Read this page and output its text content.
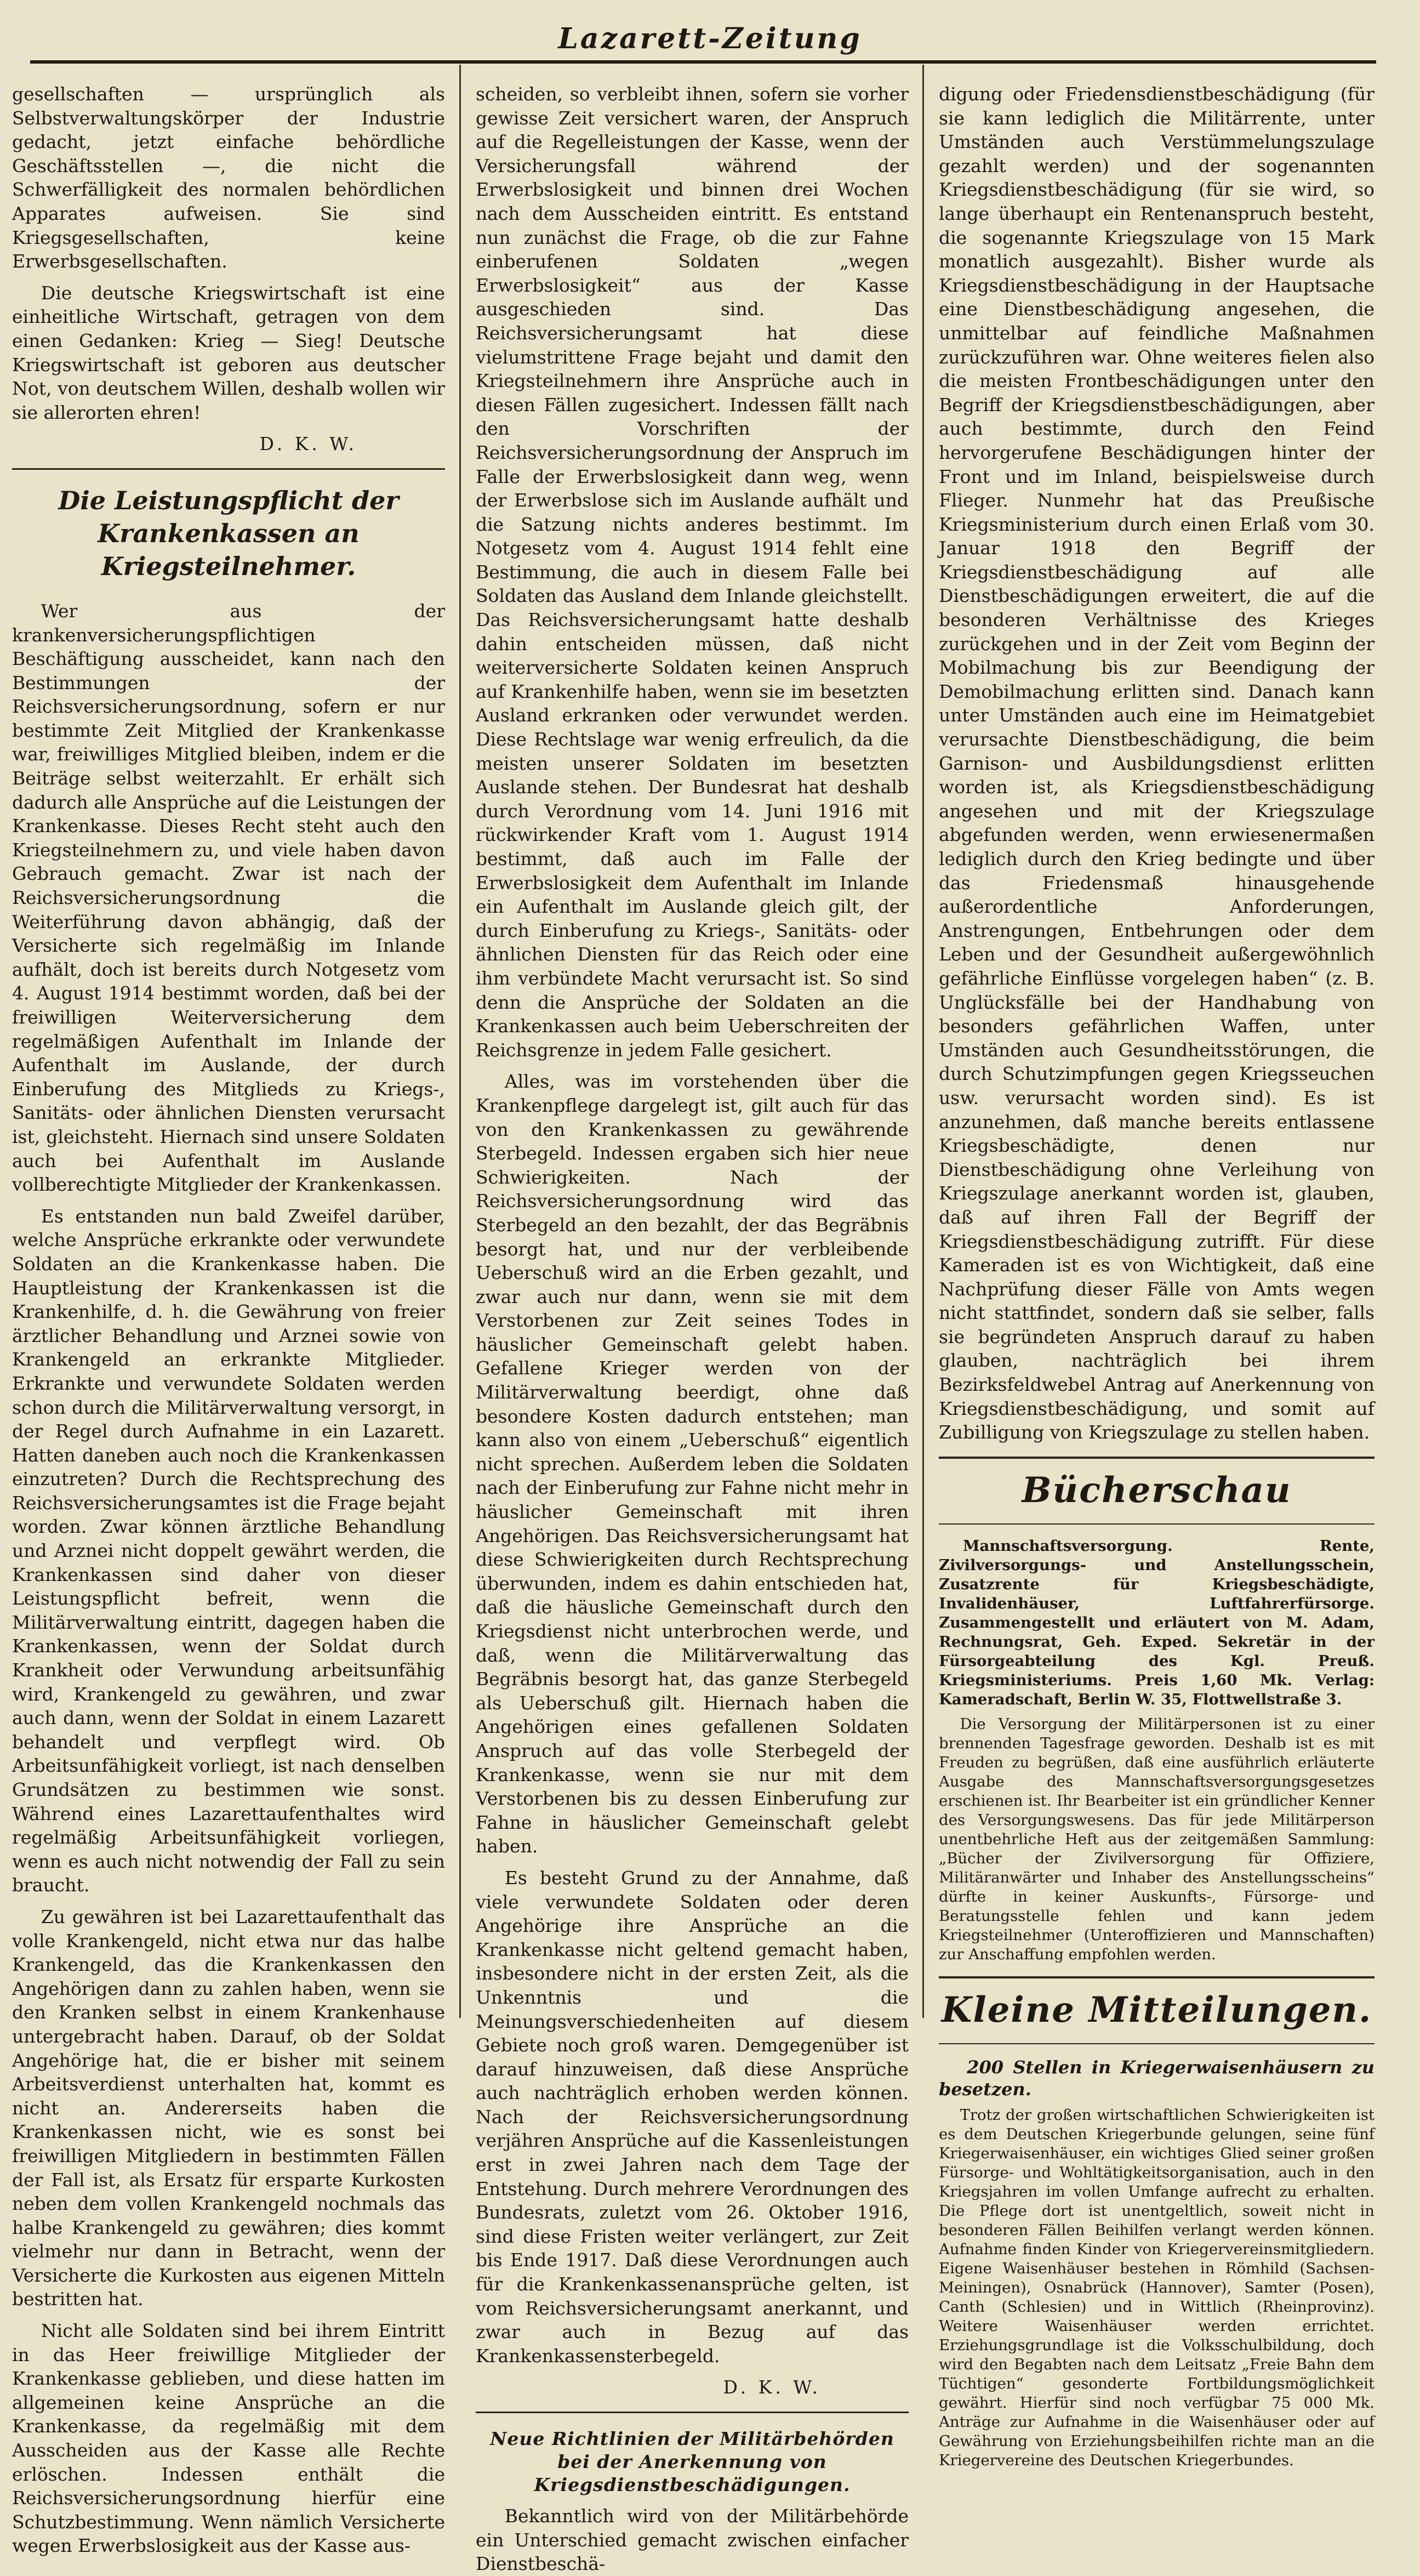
Lazarett-Zeitung

gesellschaften — ursprünglich als Selbstverwaltungskörper der Industrie gedacht, jetzt einfache behördliche Geschäftsstellen —, die nicht die Schwerfälligkeit des normalen behördlichen Apparates aufweisen. Sie sind Kriegsgesellschaften, keine Erwerbsgesellschaften.

Die deutsche Kriegswirtschaft ist eine einheitliche Wirtschaft, getragen von dem einen Gedanken: Krieg — Sieg! Deutsche Kriegswirtschaft ist geboren aus deutscher Not, von deutschem Willen, deshalb wollen wir sie allerorten ehren!

D. K. W.

Die Leistungspflicht der Krankenkassen an Kriegsteilnehmer.

Wer aus der krankenversicherungspflichtigen Beschäftigung ausscheidet, kann nach den Bestimmungen der Reichsversicherungsordnung, sofern er nur bestimmte Zeit Mitglied der Krankenkasse war, freiwilliges Mitglied bleiben, indem er die Beiträge selbst weiterzahlt. Er erhält sich dadurch alle Ansprüche auf die Leistungen der Krankenkasse. Dieses Recht steht auch den Kriegsteilnehmern zu, und viele haben davon Gebrauch gemacht. Zwar ist nach der Reichsversicherungsordnung die Weiterführung davon abhängig, daß der Versicherte sich regelmäßig im Inlande aufhält, doch ist bereits durch Notgesetz vom 4. August 1914 bestimmt worden, daß bei der freiwilligen Weiterversicherung dem regelmäßigen Aufenthalt im Inlande der Aufenthalt im Auslande, der durch Einberufung des Mitglieds zu Kriegs-, Sanitäts- oder ähnlichen Diensten verursacht ist, gleichsteht. Hiernach sind unsere Soldaten auch bei Aufenthalt im Auslande vollberechtigte Mitglieder der Krankenkassen.

Es entstanden nun bald Zweifel darüber, welche Ansprüche erkrankte oder verwundete Soldaten an die Krankenkasse haben. Die Hauptleistung der Krankenkassen ist die Krankenhilfe, d. h. die Gewährung von freier ärztlicher Behandlung und Arznei sowie von Krankengeld an erkrankte Mitglieder. Erkrankte und verwundete Soldaten werden schon durch die Militärverwaltung versorgt, in der Regel durch Aufnahme in ein Lazarett. Hatten daneben auch noch die Krankenkassen einzutreten? Durch die Rechtsprechung des Reichsversicherungsamtes ist die Frage bejaht worden. Zwar können ärztliche Behandlung und Arznei nicht doppelt gewährt werden, die Krankenkassen sind daher von dieser Leistungspflicht befreit, wenn die Militärverwaltung eintritt, dagegen haben die Krankenkassen, wenn der Soldat durch Krankheit oder Verwundung arbeitsunfähig wird, Krankengeld zu gewähren, und zwar auch dann, wenn der Soldat in einem Lazarett behandelt und verpflegt wird. Ob Arbeitsunfähigkeit vorliegt, ist nach denselben Grundsätzen zu bestimmen wie sonst. Während eines Lazarettaufenthaltes wird regelmäßig Arbeitsunfähigkeit vorliegen, wenn es auch nicht notwendig der Fall zu sein braucht.

Zu gewähren ist bei Lazarettaufenthalt das volle Krankengeld, nicht etwa nur das halbe Krankengeld, das die Krankenkassen den Angehörigen dann zu zahlen haben, wenn sie den Kranken selbst in einem Krankenhause untergebracht haben. Darauf, ob der Soldat Angehörige hat, die er bisher mit seinem Arbeitsverdienst unterhalten hat, kommt es nicht an. Andererseits haben die Krankenkassen nicht, wie es sonst bei freiwilligen Mitgliedern in bestimmten Fällen der Fall ist, als Ersatz für ersparte Kurkosten neben dem vollen Krankengeld nochmals das halbe Krankengeld zu gewähren; dies kommt vielmehr nur dann in Betracht, wenn der Versicherte die Kurkosten aus eigenen Mitteln bestritten hat.

Nicht alle Soldaten sind bei ihrem Eintritt in das Heer freiwillige Mitglieder der Krankenkasse geblieben, und diese hatten im allgemeinen keine Ansprüche an die Krankenkasse, da regelmäßig mit dem Ausscheiden aus der Kasse alle Rechte erlöschen. Indessen enthält die Reichsversicherungsordnung hierfür eine Schutzbestimmung. Wenn nämlich Versicherte wegen Erwerbslosigkeit aus der Kasse aus-

scheiden, so verbleibt ihnen, sofern sie vorher gewisse Zeit versichert waren, der Anspruch auf die Regelleistungen der Kasse, wenn der Versicherungsfall während der Erwerbslosigkeit und binnen drei Wochen nach dem Ausscheiden eintritt. Es entstand nun zunächst die Frage, ob die zur Fahne einberufenen Soldaten „wegen Erwerbslosigkeit“ aus der Kasse ausgeschieden sind. Das Reichsversicherungsamt hat diese vielumstrittene Frage bejaht und damit den Kriegsteilnehmern ihre Ansprüche auch in diesen Fällen zugesichert. Indessen fällt nach den Vorschriften der Reichsversicherungsordnung der Anspruch im Falle der Erwerbslosigkeit dann weg, wenn der Erwerbslose sich im Auslande aufhält und die Satzung nichts anderes bestimmt. Im Notgesetz vom 4. August 1914 fehlt eine Bestimmung, die auch in diesem Falle bei Soldaten das Ausland dem Inlande gleichstellt. Das Reichsversicherungsamt hatte deshalb dahin entscheiden müssen, daß nicht weiterversicherte Soldaten keinen Anspruch auf Krankenhilfe haben, wenn sie im besetzten Ausland erkranken oder verwundet werden. Diese Rechtslage war wenig erfreulich, da die meisten unserer Soldaten im besetzten Auslande stehen. Der Bundesrat hat deshalb durch Verordnung vom 14. Juni 1916 mit rückwirkender Kraft vom 1. August 1914 bestimmt, daß auch im Falle der Erwerbslosigkeit dem Aufenthalt im Inlande ein Aufenthalt im Auslande gleich gilt, der durch Einberufung zu Kriegs-, Sanitäts- oder ähnlichen Diensten für das Reich oder eine ihm verbündete Macht verursacht ist. So sind denn die Ansprüche der Soldaten an die Krankenkassen auch beim Ueberschreiten der Reichsgrenze in jedem Falle gesichert.

Alles, was im vorstehenden über die Krankenpflege dargelegt ist, gilt auch für das von den Krankenkassen zu gewährende Sterbegeld. Indessen ergaben sich hier neue Schwierigkeiten. Nach der Reichsversicherungsordnung wird das Sterbegeld an den bezahlt, der das Begräbnis besorgt hat, und nur der verbleibende Ueberschuß wird an die Erben gezahlt, und zwar auch nur dann, wenn sie mit dem Verstorbenen zur Zeit seines Todes in häuslicher Gemeinschaft gelebt haben. Gefallene Krieger werden von der Militärverwaltung beerdigt, ohne daß besondere Kosten dadurch entstehen; man kann also von einem „Ueberschuß“ eigentlich nicht sprechen. Außerdem leben die Soldaten nach der Einberufung zur Fahne nicht mehr in häuslicher Gemeinschaft mit ihren Angehörigen. Das Reichsversicherungsamt hat diese Schwierigkeiten durch Rechtsprechung überwunden, indem es dahin entschieden hat, daß die häusliche Gemeinschaft durch den Kriegsdienst nicht unterbrochen werde, und daß, wenn die Militärverwaltung das Begräbnis besorgt hat, das ganze Sterbegeld als Ueberschuß gilt. Hiernach haben die Angehörigen eines gefallenen Soldaten Anspruch auf das volle Sterbegeld der Krankenkasse, wenn sie nur mit dem Verstorbenen bis zu dessen Einberufung zur Fahne in häuslicher Gemeinschaft gelebt haben.

Es besteht Grund zu der Annahme, daß viele verwundete Soldaten oder deren Angehörige ihre Ansprüche an die Krankenkasse nicht geltend gemacht haben, insbesondere nicht in der ersten Zeit, als die Unkenntnis und die Meinungsverschiedenheiten auf diesem Gebiete noch groß waren. Demgegenüber ist darauf hinzuweisen, daß diese Ansprüche auch nachträglich erhoben werden können. Nach der Reichsversicherungsordnung verjähren Ansprüche auf die Kassenleistungen erst in zwei Jahren nach dem Tage der Entstehung. Durch mehrere Verordnungen des Bundesrats, zuletzt vom 26. Oktober 1916, sind diese Fristen weiter verlängert, zur Zeit bis Ende 1917. Daß diese Verordnungen auch für die Krankenkassenansprüche gelten, ist vom Reichsversicherungsamt anerkannt, und zwar auch in Bezug auf das Krankenkassensterbegeld.

D. K. W.

Neue Richtlinien der Militärbehörden bei der Anerkennung von Kriegsdienstbeschädigungen.

Bekanntlich wird von der Militärbehörde ein Unterschied gemacht zwischen einfacher Dienstbeschä-

digung oder Friedensdienstbeschädigung (für sie kann lediglich die Militärrente, unter Umständen auch Verstümmelungszulage gezahlt werden) und der sogenannten Kriegsdienstbeschädigung (für sie wird, so lange überhaupt ein Rentenanspruch besteht, die sogenannte Kriegszulage von 15 Mark monatlich ausgezahlt). Bisher wurde als Kriegsdienstbeschädigung in der Hauptsache eine Dienstbeschädigung angesehen, die unmittelbar auf feindliche Maßnahmen zurückzuführen war. Ohne weiteres fielen also die meisten Frontbeschädigungen unter den Begriff der Kriegsdienstbeschädigungen, aber auch bestimmte, durch den Feind hervorgerufene Beschädigungen hinter der Front und im Inland, beispielsweise durch Flieger. Nunmehr hat das Preußische Kriegsministerium durch einen Erlaß vom 30. Januar 1918 den Begriff der Kriegsdienstbeschädigung auf alle Dienstbeschädigungen erweitert, die auf die besonderen Verhältnisse des Krieges zurückgehen und in der Zeit vom Beginn der Mobilmachung bis zur Beendigung der Demobilmachung erlitten sind. Danach kann unter Umständen auch eine im Heimatgebiet verursachte Dienstbeschädigung, die beim Garnison- und Ausbildungsdienst erlitten worden ist, als Kriegsdienstbeschädigung angesehen und mit der Kriegszulage abgefunden werden, wenn erwiesenermaßen lediglich durch den Krieg bedingte und über das Friedensmaß hinausgehende außerordentliche Anforderungen, Anstrengungen, Entbehrungen oder dem Leben und der Gesundheit außergewöhnlich gefährliche Einflüsse vorgelegen haben“ (z. B. Unglücksfälle bei der Handhabung von besonders gefährlichen Waffen, unter Umständen auch Gesundheitsstörungen, die durch Schutzimpfungen gegen Kriegsseuchen usw. verursacht worden sind). Es ist anzunehmen, daß manche bereits entlassene Kriegsbeschädigte, denen nur Dienstbeschädigung ohne Verleihung von Kriegszulage anerkannt worden ist, glauben, daß auf ihren Fall der Begriff der Kriegsdienstbeschädigung zutrifft. Für diese Kameraden ist es von Wichtigkeit, daß eine Nachprüfung dieser Fälle von Amts wegen nicht stattfindet, sondern daß sie selber, falls sie begründeten Anspruch darauf zu haben glauben, nachträglich bei ihrem Bezirksfeldwebel Antrag auf Anerkennung von Kriegsdienstbeschädigung, und somit auf Zubilligung von Kriegszulage zu stellen haben.

Bücherschau

Mannschaftsversorgung. Rente, Zivilversorgungs- und Anstellungsschein, Zusatzrente für Kriegsbeschädigte, Invalidenhäuser, Luftfahrerfürsorge. Zusammengestellt und erläutert von M. Adam, Rechnungsrat, Geh. Exped. Sekretär in der Fürsorgeabteilung des Kgl. Preuß. Kriegsministeriums. Preis 1,60 Mk. Verlag: Kameradschaft, Berlin W. 35, Flottwellstraße 3.

Die Versorgung der Militärpersonen ist zu einer brennenden Tagesfrage geworden. Deshalb ist es mit Freuden zu begrüßen, daß eine ausführlich erläuterte Ausgabe des Mannschaftsversorgungsgesetzes erschienen ist. Ihr Bearbeiter ist ein gründlicher Kenner des Versorgungswesens. Das für jede Militärperson unentbehrliche Heft aus der zeitgemäßen Sammlung: „Bücher der Zivilversorgung für Offiziere, Militäranwärter und Inhaber des Anstellungsscheins“ dürfte in keiner Auskunfts-, Fürsorge- und Beratungsstelle fehlen und kann jedem Kriegsteilnehmer (Unteroffizieren und Mannschaften) zur Anschaffung empfohlen werden.

Kleine Mitteilungen.

200 Stellen in Kriegerwaisenhäusern zu besetzen.

Trotz der großen wirtschaftlichen Schwierigkeiten ist es dem Deutschen Kriegerbunde gelungen, seine fünf Kriegerwaisenhäuser, ein wichtiges Glied seiner großen Fürsorge- und Wohltätigkeitsorganisation, auch in den Kriegsjahren im vollen Umfange aufrecht zu erhalten. Die Pflege dort ist unentgeltlich, soweit nicht in besonderen Fällen Beihilfen verlangt werden können. Aufnahme finden Kinder von Kriegervereinsmitgliedern. Eigene Waisenhäuser bestehen in Römhild (Sachsen-Meiningen), Osnabrück (Hannover), Samter (Posen), Canth (Schlesien) und in Wittlich (Rheinprovinz). Weitere Waisenhäuser werden errichtet. Erziehungsgrundlage ist die Volksschulbildung, doch wird den Begabten nach dem Leitsatz „Freie Bahn dem Tüchtigen“ gesonderte Fortbildungsmöglichkeit gewährt. Hierfür sind noch verfügbar 75 000 Mk. Anträge zur Aufnahme in die Waisenhäuser oder auf Gewährung von Erziehungsbeihilfen richte man an die Kriegervereine des Deutschen Kriegerbundes.
